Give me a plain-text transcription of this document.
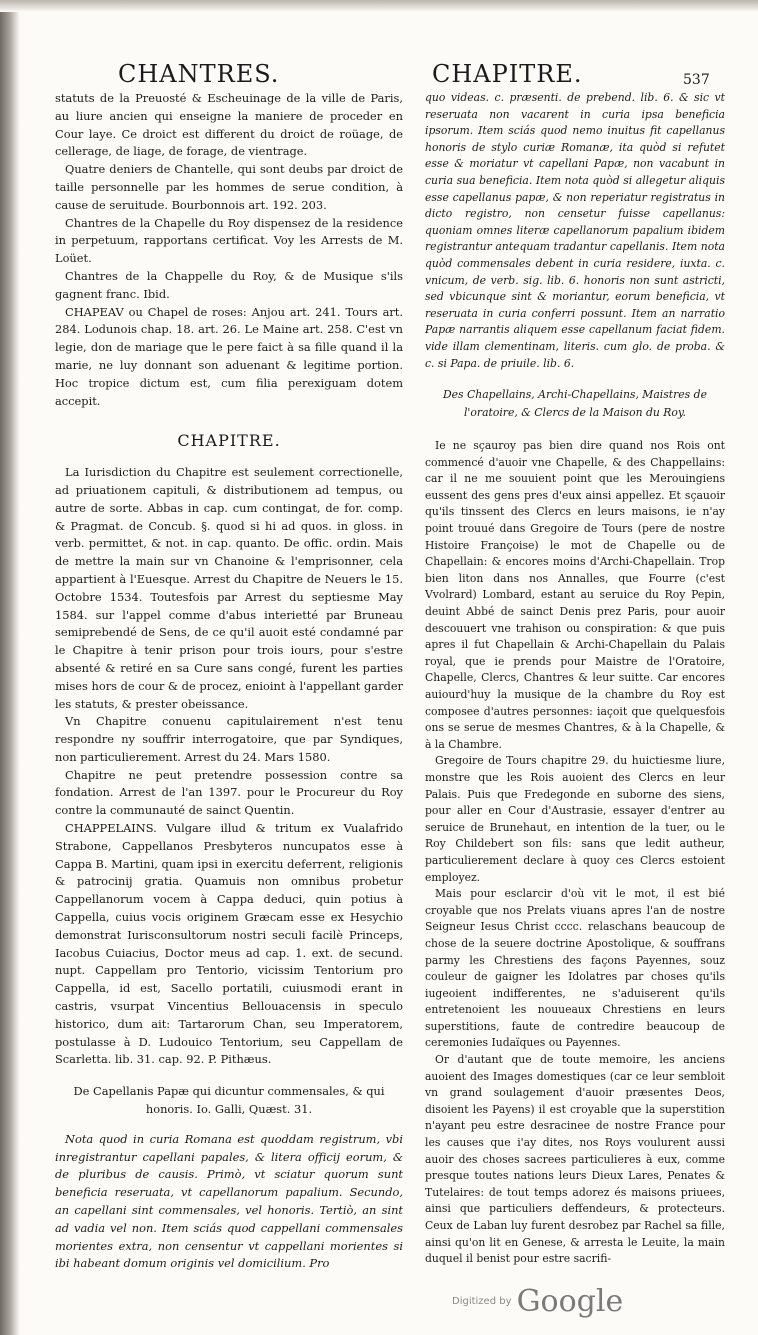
CHANTRES.	CHAPITRE.	537

statuts de la Preuosté & Escheuinage de la ville de Paris, au liure ancien qui enseigne la maniere de proceder en Cour laye. Ce droict est different du droict de roüage, de cellerage, de liage, de forage, de vientrage.

Quatre deniers de Chantelle, qui sont deubs par droict de taille personnelle par les hommes de serue condition, à cause de seruitude. Bourbonnois art. 192. 203.

Chantres de la Chapelle du Roy dispensez de la residence in perpetuum, rapportans certificat. Voy les Arrests de M. Loüet.

Chantres de la Chappelle du Roy, & de Musique s'ils gagnent franc. Ibid.

CHAPEAV ou Chapel de roses: Anjou art. 241. Tours art. 284. Lodunois chap. 18. art. 26. Le Maine art. 258. C'est vn legie, don de mariage que le pere faict à sa fille quand il la marie, ne luy donnant son aduenant & legitime portion. Hoc tropice dictum est, cum filia perexiguam dotem accepit.

CHAPITRE.

La Iurisdiction du Chapitre est seulement correctionelle, ad priuationem capituli, & distributionem ad tempus, ou autre de sorte. Abbas in cap. cum contingat, de for. comp. & Pragmat. de Concub. §. quod si hi ad quos. in gloss. in verb. permittet, & not. in cap. quanto. De offic. ordin. Mais de mettre la main sur vn Chanoine & l'emprisonner, cela appartient à l'Euesque. Arrest du Chapitre de Neuers le 15. Octobre 1534. Toutesfois par Arrest du septiesme May 1584. sur l'appel comme d'abus interietté par Bruneau semiprebendé de Sens, de ce qu'il auoit esté condamné par le Chapitre à tenir prison pour trois iours, pour s'estre absenté & retiré en sa Cure sans congé, furent les parties mises hors de cour & de procez, enioint à l'appellant garder les statuts, & prester obeissance.

Vn Chapitre conuenu capitulairement n'est tenu respondre ny souffrir interrogatoire, que par Syndiques, non particulierement. Arrest du 24. Mars 1580.

Chapitre ne peut pretendre possession contre sa fondation. Arrest de l'an 1397. pour le Procureur du Roy contre la communauté de sainct Quentin.

CHAPPELAINS. Vulgare illud & tritum ex Vualafrido Strabone, Cappellanos Presbyteros nuncupatos esse à Cappa B. Martini, quam ipsi in exercitu deferrent, religionis & patrocinij gratia. Quamuis non omnibus probetur Cappellanorum vocem à Cappa deduci, quin potius à Cappella, cuius vocis originem Græcam esse ex Hesychio demonstrat Iurisconsultorum nostri seculi facilè Princeps, Iacobus Cuiacius, Doctor meus ad cap. 1. ext. de secund. nupt. Cappellam pro Tentorio, vicissim Tentorium pro Cappella, id est, Sacello portatili, cuiusmodi erant in castris, vsurpat Vincentius Bellouacensis in speculo historico, dum ait: Tartarorum Chan, seu Imperatorem, postulasse à D. Ludouico Tentorium, seu Cappellam de Scarletta. lib. 31. cap. 92. P. Pithæus.

De Capellanis Papæ qui dicuntur commensales, & qui honoris. Io. Galli, Quæst. 31.

Nota quod in curia Romana est quoddam registrum, vbi inregistrantur capellani papales, & litera officij eorum, & de pluribus de causis. Primò, vt sciatur quorum sunt beneficia reseruata, vt capellanorum papalium. Secundo, an capellani sint commensales, vel honoris. Tertiò, an sint ad vadia vel non. Item sciás quod cappellani commensales morientes extra, non censentur vt cappellani morientes si ibi habeant domum originis vel domicilium. Pro

quo videas. c. præsenti. de prebend. lib. 6. & sic vt reseruata non vacarent in curia ipsa beneficia ipsorum. Item sciás quod nemo inuitus fit capellanus honoris de stylo curiæ Romanæ, ita quòd si refutet esse & moriatur vt capellani Papæ, non vacabunt in curia sua beneficia. Item nota quòd si allegetur aliquis esse capellanus papæ, & non reperiatur registratus in dicto registro, non censetur fuisse capellanus: quoniam omnes literæ capellanorum papalium ibidem registrantur antequam tradantur capellanis. Item nota quòd commensales debent in curia residere, iuxta. c. vnicum, de verb. sig. lib. 6. honoris non sunt astricti, sed vbicunque sint & moriantur, eorum beneficia, vt reseruata in curia conferri possunt. Item an narratio Papæ narrantis aliquem esse capellanum faciat fidem. vide illam clementinam, literis. cum glo. de proba. & c. si Papa. de priuile. lib. 6.

Des Chapellains, Archi-Chapellains, Maistres de l'oratoire, & Clercs de la Maison du Roy.

Ie ne sçauroy pas bien dire quand nos Rois ont commencé d'auoir vne Chapelle, & des Chappellains: car il ne me souuient point que les Merouingiens eussent des gens pres d'eux ainsi appellez. Et sçauoir qu'ils tinssent des Clercs en leurs maisons, ie n'ay point trouué dans Gregoire de Tours (pere de nostre Histoire Françoise) le mot de Chapelle ou de Chapellain: & encores moins d'Archi-Chapellain. Trop bien liton dans nos Annalles, que Fourre (c'est Vvolrard) Lombard, estant au seruice du Roy Pepin, deuint Abbé de sainct Denis prez Paris, pour auoir descouuert vne trahison ou conspiration: & que puis apres il fut Chapellain & Archi-Chapellain du Palais royal, que ie prends pour Maistre de l'Oratoire, Chapelle, Clercs, Chantres & leur suitte. Car encores auiourd'huy la musique de la chambre du Roy est composee d'autres personnes: iaçoit que quelquesfois ons se serue de mesmes Chantres, & à la Chapelle, & à la Chambre.

Gregoire de Tours chapitre 29. du huictiesme liure, monstre que les Rois auoient des Clercs en leur Palais. Puis que Fredegonde en suborne des siens, pour aller en Cour d'Austrasie, essayer d'entrer au seruice de Brunehaut, en intention de la tuer, ou le Roy Childebert son fils: sans que ledit autheur, particulierement declare à quoy ces Clercs estoient employez.

Mais pour esclarcir d'où vit le mot, il est bié croyable que nos Prelats viuans apres l'an de nostre Seigneur Iesus Christ cccc. relaschans beaucoup de chose de la seuere doctrine Apostolique, & souffrans parmy les Chrestiens des façons Payennes, souz couleur de gaigner les Idolatres par choses qu'ils iugeoient indifferentes, ne s'aduiserent qu'ils entretenoient les nouueaux Chrestiens en leurs superstitions, faute de contredire beaucoup de ceremonies Iudaïques ou Payennes.

Or d'autant que de toute memoire, les anciens auoient des Images domestiques (car ce leur sembloit vn grand soulagement d'auoir præsentes Deos, disoient les Payens) il est croyable que la superstition n'ayant peu estre desracinee de nostre France pour les causes que i'ay dites, nos Roys voulurent aussi auoir des choses sacrees particulieres à eux, comme presque toutes nations leurs Dieux Lares, Penates & Tutelaires: de tout temps adorez és maisons priuees, ainsi que particuliers deffendeurs, & protecteurs. Ceux de Laban luy furent desrobez par Rachel sa fille, ainsi qu'on lit en Genese, & arresta le Leuite, la main duquel il benist pour estre sacrifi-

Digitized by Google
